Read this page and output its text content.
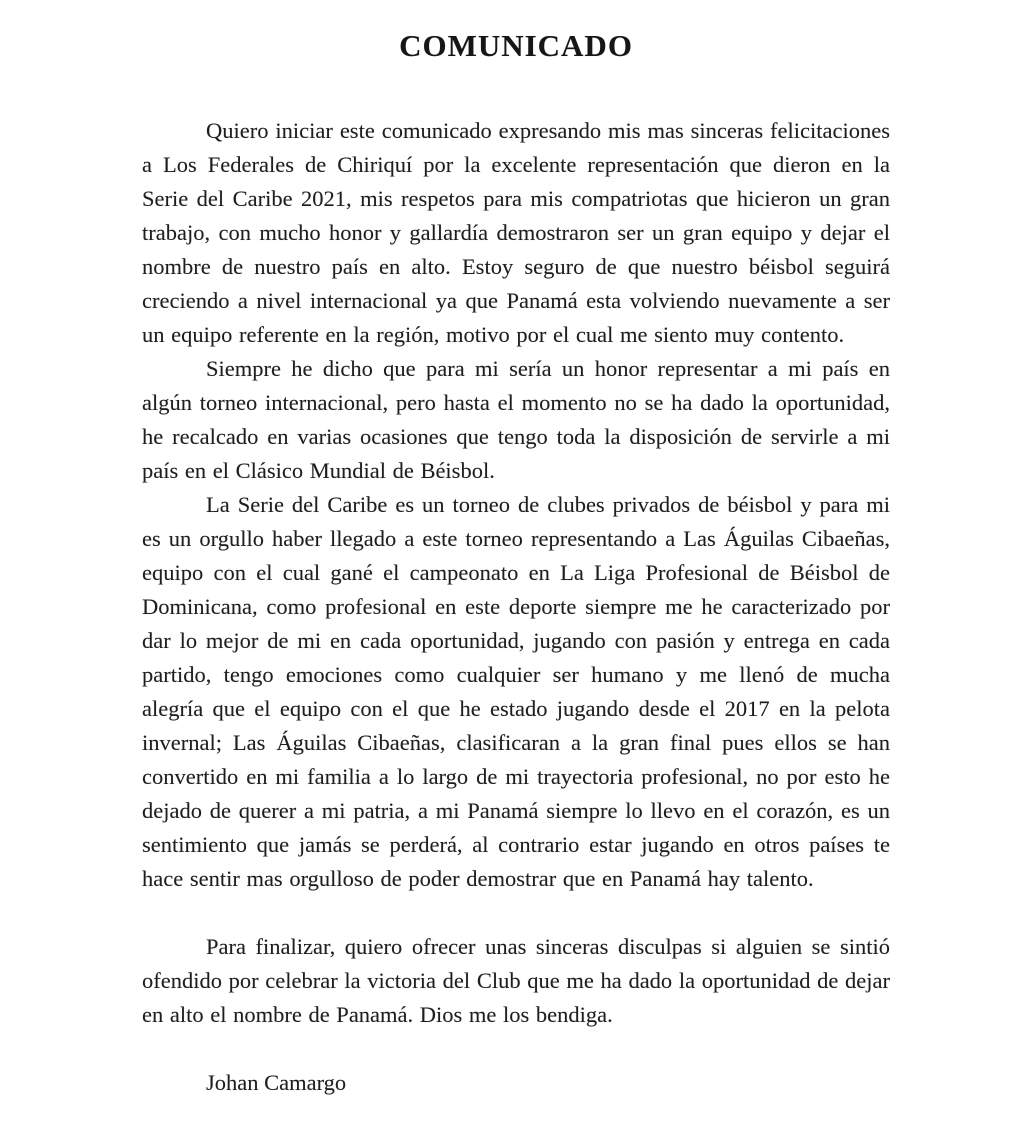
COMUNICADO

Quiero iniciar este comunicado expresando mis mas sinceras felicitaciones a Los Federales de Chiriquí por la excelente representación que dieron en la Serie del Caribe 2021, mis respetos para mis compatriotas que hicieron un gran trabajo, con mucho honor y gallardía demostraron ser un gran equipo y dejar el nombre de nuestro país en alto. Estoy seguro de que nuestro béisbol seguirá creciendo a nivel internacional ya que Panamá esta volviendo nuevamente a ser un equipo referente en la región, motivo por el cual me siento muy contento.

Siempre he dicho que para mi sería un honor representar a mi país en algún torneo internacional, pero hasta el momento no se ha dado la oportunidad, he recalcado en varias ocasiones que tengo toda la disposición de servirle a mi país en el Clásico Mundial de Béisbol.

La Serie del Caribe es un torneo de clubes privados de béisbol y para mi es un orgullo haber llegado a este torneo representando a Las Águilas Cibaeñas, equipo con el cual gané el campeonato en La Liga Profesional de Béisbol de Dominicana, como profesional en este deporte siempre me he caracterizado por dar lo mejor de mi en cada oportunidad, jugando con pasión y entrega en cada partido, tengo emociones como cualquier ser humano y me llenó de mucha alegría que el equipo con el que he estado jugando desde el 2017 en la pelota invernal; Las Águilas Cibaeñas, clasificaran a la gran final pues ellos se han convertido en mi familia a lo largo de mi trayectoria profesional, no por esto he dejado de querer a mi patria, a mi Panamá siempre lo llevo en el corazón, es un sentimiento que jamás se perderá, al contrario estar jugando en otros países te hace sentir mas orgulloso de poder demostrar que en Panamá hay talento.

Para finalizar, quiero ofrecer unas sinceras disculpas si alguien se sintió ofendido por celebrar la victoria del Club que me ha dado la oportunidad de dejar en alto el nombre de Panamá. Dios me los bendiga.

Johan Camargo
